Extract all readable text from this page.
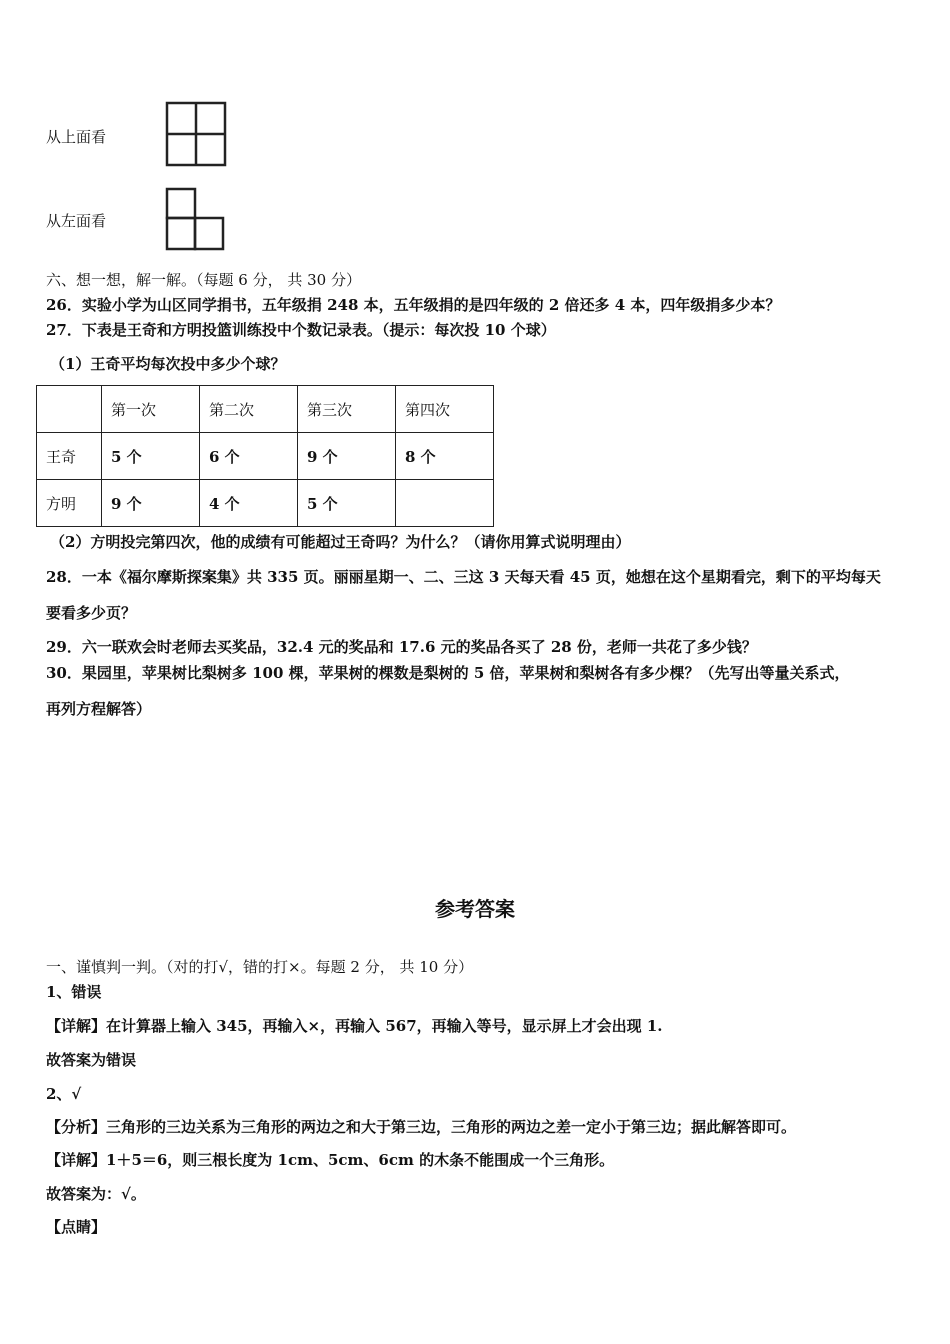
从上面看
从左面看
六、想一想，解一解。（每题 6 分， 共 30 分）
26．实验小学为山区同学捐书，五年级捐 248 本，五年级捐的是四年级的 2 倍还多 4 本，四年级捐多少本？
27．下表是王奇和方明投篮训练投中个数记录表。（提示：每次投 10 个球）
（1）王奇平均每次投中多少个球？
	第一次	第二次	第三次	第四次
王奇	5 个	6 个	9 个	8 个
方明	9 个	4 个	5 个	
（2）方明投完第四次，他的成绩有可能超过王奇吗？为什么？（请你用算式说明理由）
28．一本《福尔摩斯探案集》共 335 页。丽丽星期一、二、三这 3 天每天看 45 页，她想在这个星期看完，剩下的平均每天
要看多少页？
29．六一联欢会时老师去买奖品，32.4 元的奖品和 17.6 元的奖品各买了 28 份，老师一共花了多少钱？
30．果园里，苹果树比梨树多 100 棵，苹果树的棵数是梨树的 5 倍，苹果树和梨树各有多少棵？（先写出等量关系式，
再列方程解答）
参考答案
一、谨慎判一判。（对的打√，错的打×。每题 2 分， 共 10 分）
1、错误
【详解】在计算器上输入 345，再输入×，再输入 567，再输入等号，显示屏上才会出现 1.
故答案为错误
2、√
【分析】三角形的三边关系为三角形的两边之和大于第三边，三角形的两边之差一定小于第三边；据此解答即可。
【详解】1＋5＝6，则三根长度为 1cm、5cm、6cm 的木条不能围成一个三角形。
故答案为：√。
【点睛】
